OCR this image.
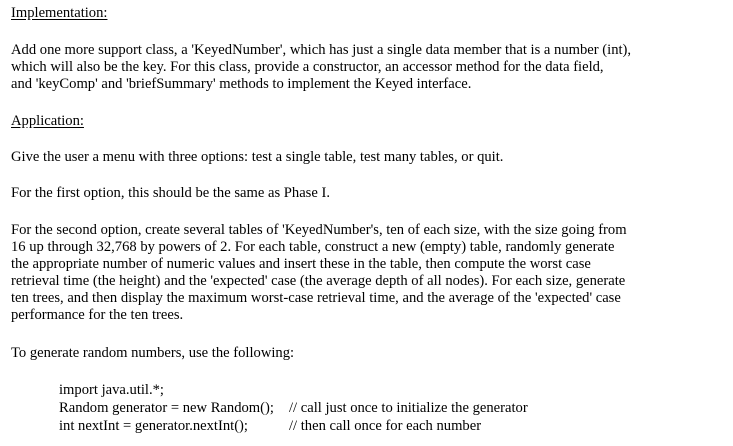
Implementation:
Add one more support class, a 'KeyedNumber', which has just a single data member that is a number (int),
which will also be the key. For this class, provide a constructor, an accessor method for the data field,
and 'keyComp' and 'briefSummary' methods to implement the Keyed interface.
Application:
Give the user a menu with three options: test a single table, test many tables, or quit.
For the first option, this should be the same as Phase I.
For the second option, create several tables of 'KeyedNumber's, ten of each size, with the size going from
16 up through 32,768 by powers of 2. For each table, construct a new (empty) table, randomly generate
the appropriate number of numeric values and insert these in the table, then compute the worst case
retrieval time (the height) and the 'expected' case (the average depth of all nodes). For each size, generate
ten trees, and then display the maximum worst-case retrieval time, and the average of the 'expected' case
performance for the ten trees.
To generate random numbers, use the following:
import java.util.*;
Random generator = new Random(); // call just once to initialize the generator
int nextInt = generator.nextInt();	// then call once for each number
